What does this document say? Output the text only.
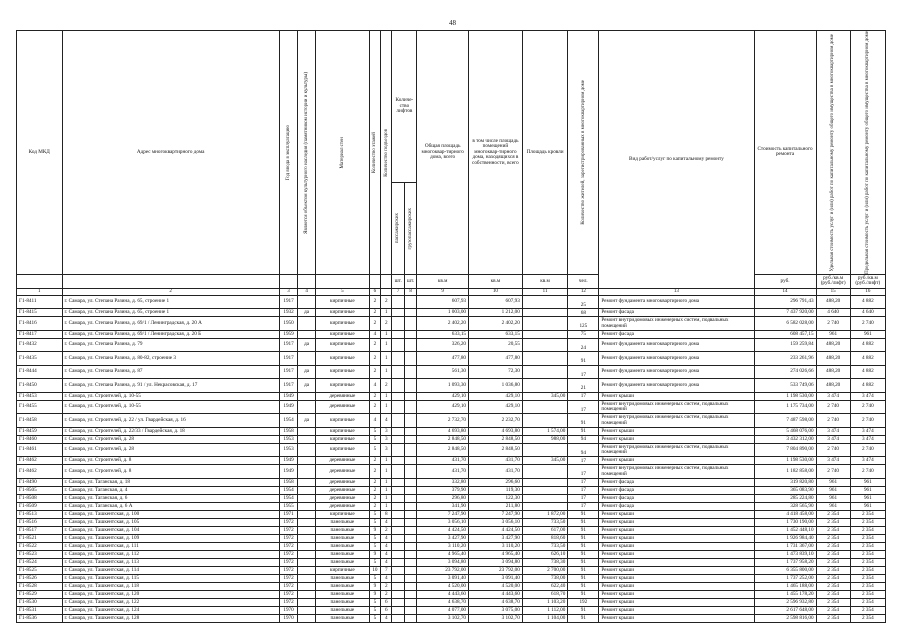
48
Код МКД	Адрес многоквартирного дома	Год ввода в эксплуатацию	Является объектом культурного наследия (памятником истории и культуры)	Материал стен	Количество этажей	Количество подъездов	Количе-ство лифтов		Общая площадь многоквар-тирного дома, всего	в том числе площадь помещений многоквар-тирного дома, находящихся в собственности, всего	Площадь кровли	Количество жителей, зарегистрированных в многоквартирном доме	Вид работ/услуг по капитальному ремонту	Стоимость капитального ремонта	Удельная стоимость услуг и (или) работ по капитальному ремонту общего имущества в многоквартирном доме	Предельная стоимость услуг и (или) работ по капитальному ремонту общего имущества в многоквартирном доме

							пассажирских	грузопассажирских								

							шт.	шт.	кв.м	кв.м	кв.м	чел.		руб.	руб./кв.м (руб./лифт)	руб./кв.м (руб./лифт)
1	2	3	4	5	6		7	8	9	10	11	12	13	14	15	16
Г1-8411	г. Самара, ул. Степана Разина, д. 65, строение 1	1917		кирпичные	2	2			607,93	607,93		25	Ремонт фундамента многоквартирного дома	296 791,43	488,20	4 882
Г1-8415	г. Самара, ул. Степана Разина, д. 65, строение 1	1932	да	кирпичные	2	1			1 003,00	1 212,00		68	Ремонт фасада	7 437 920,00	4 640	4 640
Г1-8416	г. Самара, ул. Степана Разина, д. 69/1 / Ленинградская, д. 20 А	1950		кирпичные	2	2			2 402,20	2 402,20		125	Ремонт внутридомовых инженерных систем, подвальных помещений	6 582 028,00	2 740	2 740
Г1-8417	г. Самара, ул. Степана Разина, д. 69/1 / Ленинградская, д. 20 Б	1959		кирпичные	4	1			633,15	633,15		75	Ремонт фасада	608 457,15	961	961
Г1-8432	г. Самара, ул. Степана Разина, д. 79	1917	да	кирпичные	2	1			326,20	20,55		24	Ремонт фундамента многоквартирного дома	159 259,84	488,20	4 882
Г1-8435	г. Самара, ул. Степана Разина, д. 80-82, строение 3	1917		кирпичные	2	1			477,80	477,80		91	Ремонт фундамента многоквартирного дома	233 261,96	488,20	4 882
Г1-8444	г. Самара, ул. Степана Разина, д. 87	1917	да	кирпичные	2	1			561,30	72,30		17	Ремонт фундамента многоквартирного дома	274 026,66	488,20	4 882
Г1-8450	г. Самара, ул. Степана Разина, д. 91 / ул. Некрасовская, д. 17	1917	да	кирпичные	4	2			1 093,30	1 036,80		21	Ремонт фундамента многоквартирного дома	533 749,06	488,20	4 882
Г1-8453	г. Самара, ул. Строителей, д. 10-55	1949		деревянные	2	1			429,10	429,10	345,00	17	Ремонт крыши	1 198 530,00	3 474	3 474
Г1-8455	г. Самара, ул. Строителей, д. 10-55	1949		деревянные	2	1			429,10	429,10		17	Ремонт внутридомовых инженерных систем, подвальных помещений	1 175 734,00	2 740	2 740
Г1-8458	г. Самара, ул. Строителей, д. 22 / ул. Гвардейская, д. 16	1954	да	кирпичные	4	4			2 732,70	2 232,70		91	Ремонт внутридомовых инженерных систем, подвальных помещений	7 487 598,00	2 740	2 740
Г1-8459	г. Самара, ул. Строителей, д. 22/33 / Гвардейская, д. 18	1958		кирпичные	5	3			4 693,80	4 693,80	1 574,00	91	Ремонт крыши	5 468 076,00	3 474	3 474
Г1-8460	г. Самара, ул. Строителей, д. 28	1953		кирпичные	5	3			2 848,50	2 848,50	988,00	94	Ремонт крыши	3 432 312,00	3 474	3 474
Г1-8461	г. Самара, ул. Строителей, д. 28	1953		кирпичные	5	3			2 848,50	2 848,50		94	Ремонт внутридомовых инженерных систем, подвальных помещений	7 804 890,00	2 740	2 740
Г1-8462	г. Самара, ул. Строителей, д. 8	1949		деревянные	2	1			431,70	431,70	345,00	17	Ремонт крыши	1 198 530,00	3 474	3 474
Г1-8462	г. Самара, ул. Строителей, д. 8	1949		деревянные	2	1			431,70	431,70		17	Ремонт внутридомовых инженерных систем, подвальных помещений	1 182 858,00	2 740	2 740
Г1-8490	г. Самара, ул. Таганская, д. 18	1958		деревянные	2	1			332,80	296,60		17	Ремонт фасада	319 820,80	961	961
Г1-8505	г. Самара, ул. Таганская, д. 4	1954		деревянные	2	1			379,90	119,30		17	Ремонт фасада	365 083,90	961	961
Г1-8508	г. Самара, ул. Таганская, д. 6	1954		деревянные	2	1			296,80	122,30		17	Ремонт фасада	285 224,80	961	961
Г1-8509	г. Самара, ул. Таганская, д. 6 А	1955		деревянные	2	1			341,90	211,80		17	Ремонт фасада	328 565,90	961	961
Г1-8513	г. Самара, ул. Ташкентская, д. 100	1971		кирпичные	5	8			7 247,90	7 247,90	1 872,00	91	Ремонт крыши	4 418 458,00	2 354	2 354
Г1-8516	г. Самара, ул. Ташкентская, д. 105	1972		панельные	5	4			3 056,10	3 056,10	733,50	91	Ремонт крыши	1 730 190,00	2 354	2 354
Г1-8517	г. Самара, ул. Ташкентская, д. 104	1972		панельные	9	2			4 424,50	4 424,50	617,00	91	Ремонт крыши	1 452 448,10	2 354	2 354
Г1-8521	г. Самара, ул. Ташкентская, д. 109	1972		панельные	5	4			3 427,90	3 427,90	818,60	91	Ремонт крыши	1 926 984,40	2 354	2 354
Г1-8522	г. Самара, ул. Ташкентская, д. 111	1972		панельные	5	4			3 110,20	3 110,20	733,50	91	Ремонт крыши	1 731 367,00	2 354	2 354
Г1-8523	г. Самара, ул. Ташкентская, д. 112	1972		панельные	9	4			4 965,40	4 965,40	626,10	91	Ремонт крыши	1 473 839,10	2 354	2 354
Г1-8524	г. Самара, ул. Ташкентская, д. 113	1972		панельные	5	4			3 094,80	3 094,80	738,30	91	Ремонт крыши	1 737 958,20	2 354	2 354
Г1-8525	г. Самара, ул. Ташкентская, д. 114	1972		кирпичные	10	7			23 792,00	23 792,00	2 700,00	91	Ремонт крыши	6 355 800,00	2 354	2 354
Г1-8526	г. Самара, ул. Ташкентская, д. 115	1972		панельные	5	4			3 091,40	3 091,40	738,00	91	Ремонт крыши	1 737 252,00	2 354	2 354
Г1-8528	г. Самара, ул. Ташкентская, д. 118	1972		панельные	9	2			4 520,00	4 520,00	622,40	91	Ремонт крыши	1 465 188,00	2 354	2 354
Г1-8529	г. Самара, ул. Ташкентская, д. 120	1972		панельные	9	2			4 443,60	4 443,60	618,70	91	Ремонт крыши	1 455 178,20	2 354	2 354
Г1-8530	г. Самара, ул. Ташкентская, д. 122	1972		панельные	5	6			4 638,70	4 638,70	1 103,20	192	Ремонт крыши	2 596 932,80	2 354	2 354
Г1-8531	г. Самара, ул. Ташкентская, д. 124	1970		панельные	5	6			4 077,00	3 075,00	1 112,00	91	Ремонт крыши	2 617 648,00	2 354	2 354
Г1-8536	г. Самара, ул. Ташкентская, д. 128	1970		панельные	5	4			3 102,70	3 102,70	1 104,00	91	Ремонт крыши	2 598 816,00	2 354	2 354
